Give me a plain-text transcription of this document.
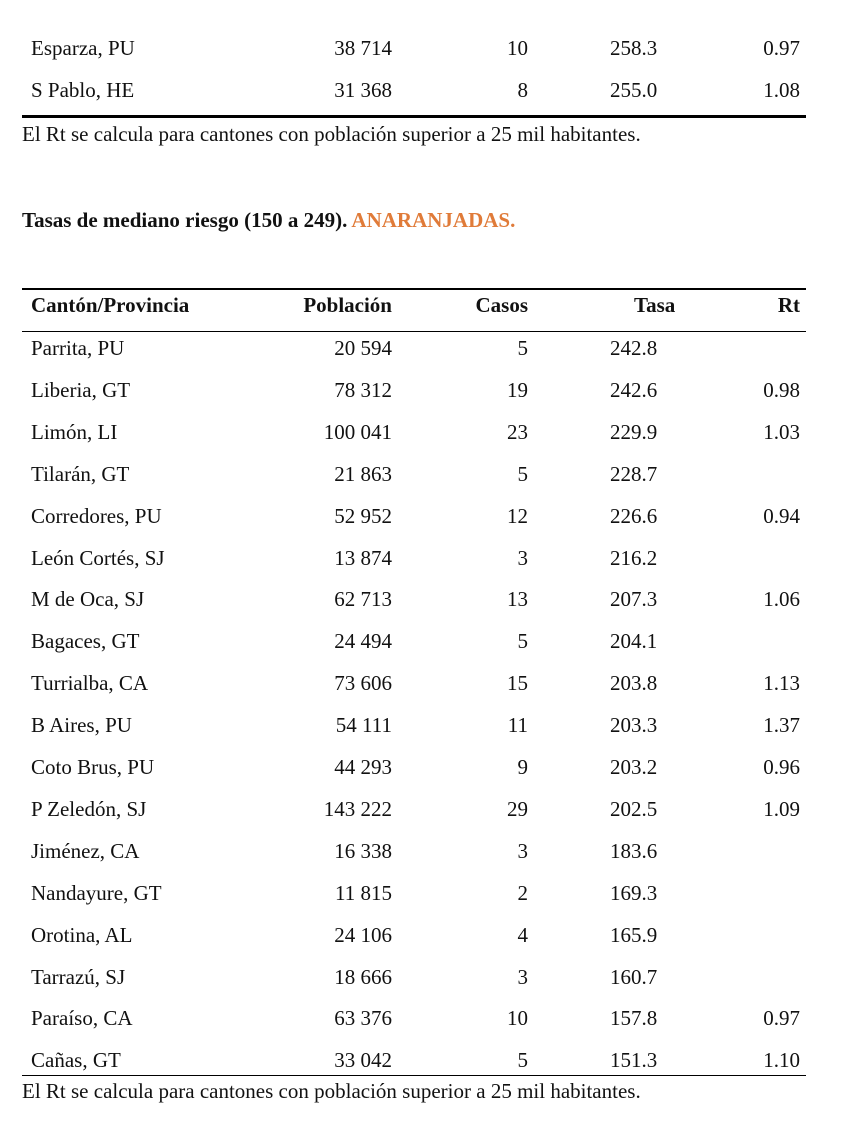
Esparza, PU	38 714	10	258.3	0.97
S Pablo, HE	31 368	8	255.0	1.08
El Rt se calcula para cantones con población superior a 25 mil habitantes.
Tasas de mediano riesgo (150 a 249). ANARANJADAS.
Cantón/Provincia	Población	Casos	Tasa	Rt
Parrita, PU	20 594	5	242.8
Liberia, GT	78 312	19	242.6	0.98
Limón, LI	100 041	23	229.9	1.03
Tilarán, GT	21 863	5	228.7
Corredores, PU	52 952	12	226.6	0.94
León Cortés, SJ	13 874	3	216.2
M de Oca, SJ	62 713	13	207.3	1.06
Bagaces, GT	24 494	5	204.1
Turrialba, CA	73 606	15	203.8	1.13
B Aires, PU	54 111	11	203.3	1.37
Coto Brus, PU	44 293	9	203.2	0.96
P Zeledón, SJ	143 222	29	202.5	1.09
Jiménez, CA	16 338	3	183.6
Nandayure, GT	11 815	2	169.3
Orotina, AL	24 106	4	165.9
Tarrazú, SJ	18 666	3	160.7
Paraíso, CA	63 376	10	157.8	0.97
Cañas, GT	33 042	5	151.3	1.10
El Rt se calcula para cantones con población superior a 25 mil habitantes.
